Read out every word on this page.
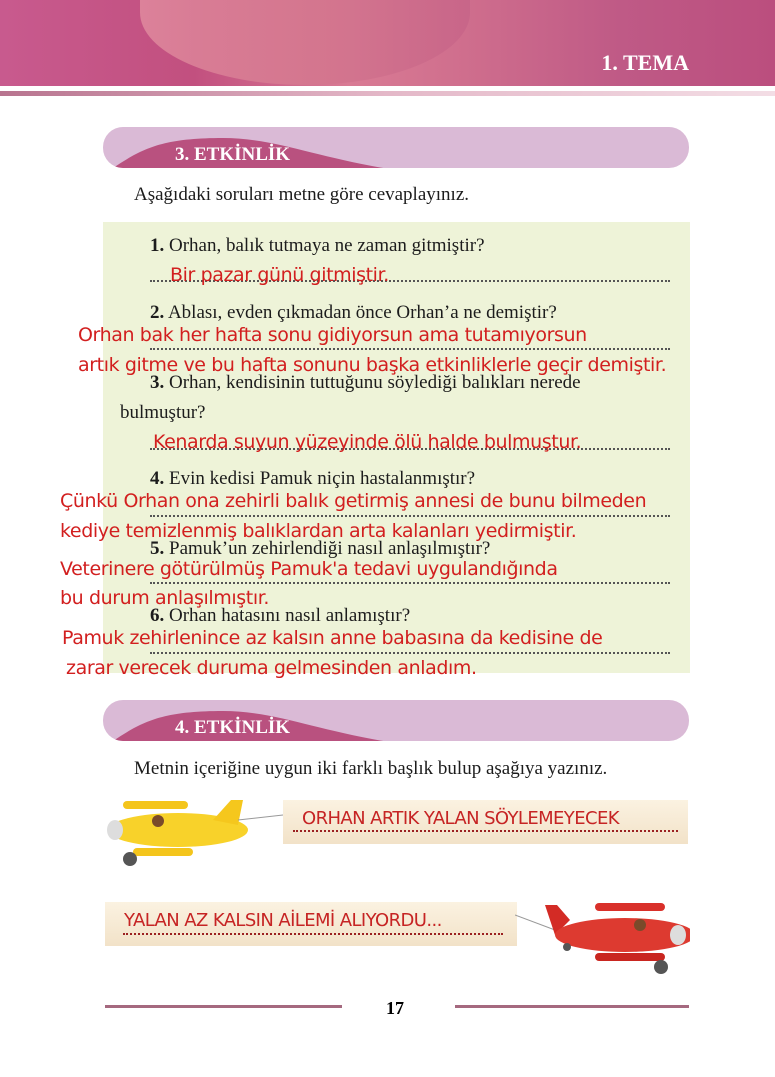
1. TEMA
3. ETKİNLİK
Aşağıdaki soruları metne göre cevaplayınız.
1. Orhan, balık tutmaya ne zaman gitmiştir?
Bir pazar günü gitmiştir.
2. Ablası, evden çıkmadan önce Orhan’a ne demiştir?
Orhan bak her hafta sonu gidiyorsun ama tutamıyorsun
artık gitme ve bu hafta sonunu başka etkinliklerle geçir demiştir.
3. Orhan, kendisinin tuttuğunu söylediği balıkları nerede
bulmuştur?
Kenarda suyun yüzeyinde ölü halde bulmuştur.
4. Evin kedisi Pamuk niçin hastalanmıştır?
Çünkü Orhan ona zehirli balık getirmiş annesi de bunu bilmeden
kediye temizlenmiş balıklardan arta kalanları yedirmiştir.
5. Pamuk’un zehirlendiği nasıl anlaşılmıştır?
Veterinere götürülmüş Pamuk'a tedavi uygulandığında
bu durum anlaşılmıştır.
6. Orhan hatasını nasıl anlamıştır?
Pamuk zehirlenince az kalsın anne babasına da kedisine de
zarar verecek duruma gelmesinden anladım.
4. ETKİNLİK
Metnin içeriğine uygun iki farklı başlık bulup aşağıya yazınız.
ORHAN ARTIK YALAN SÖYLEMEYECEK
YALAN AZ KALSIN AİLEMİ ALIYORDU...
17
